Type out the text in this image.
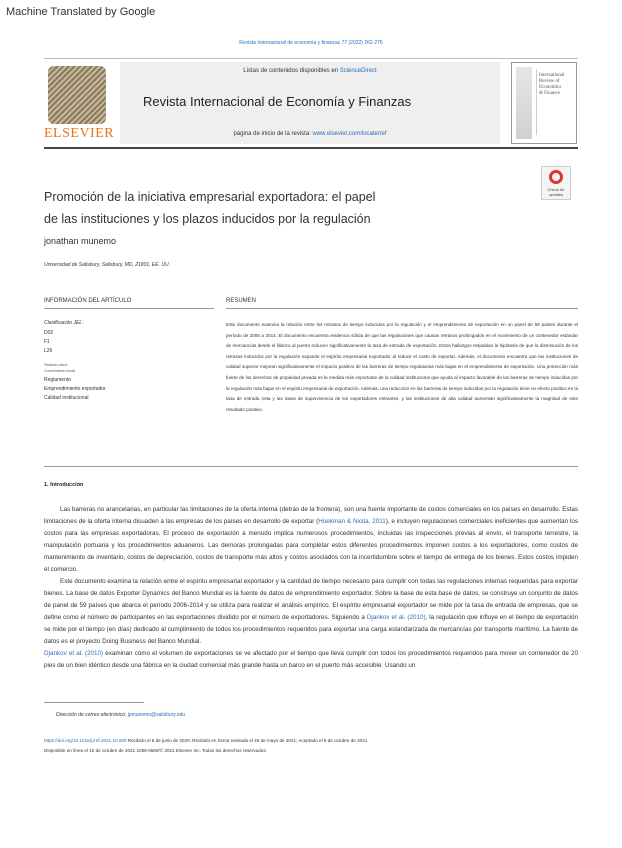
Machine Translated by Google
Revista Internacional de economía y finanzas 77 (2022) 262-275
ELSEVIER
Listas de contenidos disponibles en ScienceDirect
Revista Internacional de Economía y Finanzas
página de inicio de la revista: www.elsevier.com/locate/ref
International
Review of
Economics
& Finance
Check for
updates
Promoción de la iniciativa empresarial exportadora: el papel
de las instituciones y los plazos inducidos por la regulación
jonathan munemo
Universidad de Salisbury, Salisbury, MD, 21801, EE. UU.
INFORMACIÓN DEL ARTÍCULO
Clasificación JEL:
D02
F1
L26
Palabras clave:
Conocimiento inicial
Reglamento
Emprendimiento exportador
Calidad institucional
RESUMEN
Este documento examina la relación entre los retrasos de tiempo inducidos por la regulación y el emprendimiento de exportación en un panel de 59 países durante el período de 2006 a 2014. El documento encuentra evidencia sólida de que las regulaciones que causan retrasos prolongados en el movimiento de un contenedor estándar de mercancías desde el fábrica al puerto reducen significativamente la tasa de entrada de exportación. Estos hallazgos respaldan la hipótesis de que la disminución de los retrasos inducidos por la regulación expande el espíritu empresarial exportador al reducir el costo de exportar. Además, el documento encuentra que las instituciones de calidad superior mejoran significativamente el impacto positivo de las barreras de tiempo regulatorias más bajas en el emprendimiento de exportación. Una protección más fuerte de los derechos de propiedad privada es la medida más importante de la calidad institucional que ayuda al impacto favorable de las barreras de tiempo inducidas por la regulación más bajas en el espíritu empresarial de exportación. Además, una reducción en las barreras de tiempo inducidas por la regulación tiene un efecto positivo en la tasa de entrada neta y las tasas de supervivencia de los exportadores entrantes, y las instituciones de alta calidad aumentan significativamente la magnitud de este resultado positivo.
1. Introducción

Las barreras no arancelarias, en particular las limitaciones de la oferta interna (detrás de la frontera), son una fuente importante de costos comerciales en los países en desarrollo. Estas limitaciones de la oferta interna disuaden a las empresas de los países en desarrollo de exportar (Hoekman & Nicita, 2011), e incluyen regulaciones comerciales ineficientes que aumentan los costos para las empresas exportadoras. El proceso de exportación a menudo implica numerosos procedimientos, incluidas las inspecciones previas al envío, el transporte terrestre, la manipulación portuaria y los procedimientos aduaneros. Las demoras prolongadas para completar estos diferentes procedimientos imponen costos a los exportadores, como costos de mantenimiento de inventario, costos de depreciación, costos de transporte más altos y costos asociados con la incertidumbre sobre el tiempo de entrega de los bienes. Estos costos impiden el comercio.

Este documento examina la relación entre el espíritu empresarial exportador y la cantidad de tiempo necesario para cumplir con todas las regulaciones internas requeridas para exportar bienes. La base de datos Exporter Dynamics del Banco Mundial es la fuente de datos de emprendimiento exportador. Sobre la base de esta base de datos, se construye un conjunto de datos de panel de 59 países que abarca el período 2006-2014 y se utiliza para realizar el análisis empírico. El espíritu empresarial exportador se mide por la tasa de entrada de empresas, que se define como el número de participantes en las exportaciones dividido por el número de exportadores. Siguiendo a Djankov et al. (2010), la regulación que influye en el tiempo de exportación se mide por el tiempo (en días) dedicado al cumplimiento de todos los procedimientos requeridos para exportar una carga estandarizada de mercancías por transporte marítimo. La fuente de datos es el proyecto Doing Business del Banco Mundial.

Djankov et al. (2010) examinan cómo el volumen de exportaciones se ve afectado por el tiempo que lleva cumplir con todos los procedimientos requeridos para mover un contenedor de 20 pies de un bien idéntico desde una fábrica en la ciudad comercial más grande hasta un barco en el puerto más accesible. Usando un

Dirección de correo electrónico: jpmunemo@salisbury.edu
https://doi.org/10.1016/j.iref.2021.10.009 Recibido el 6 de junio de 2020; Recibido en forma revisada el 26 de mayo de 2021; Aceptado el 6 de octubre de 2021 Disponible en línea el 10 de octubre de 2021 1059-0560/© 2021 Elsevier Inc. Todos los derechos reservados.
